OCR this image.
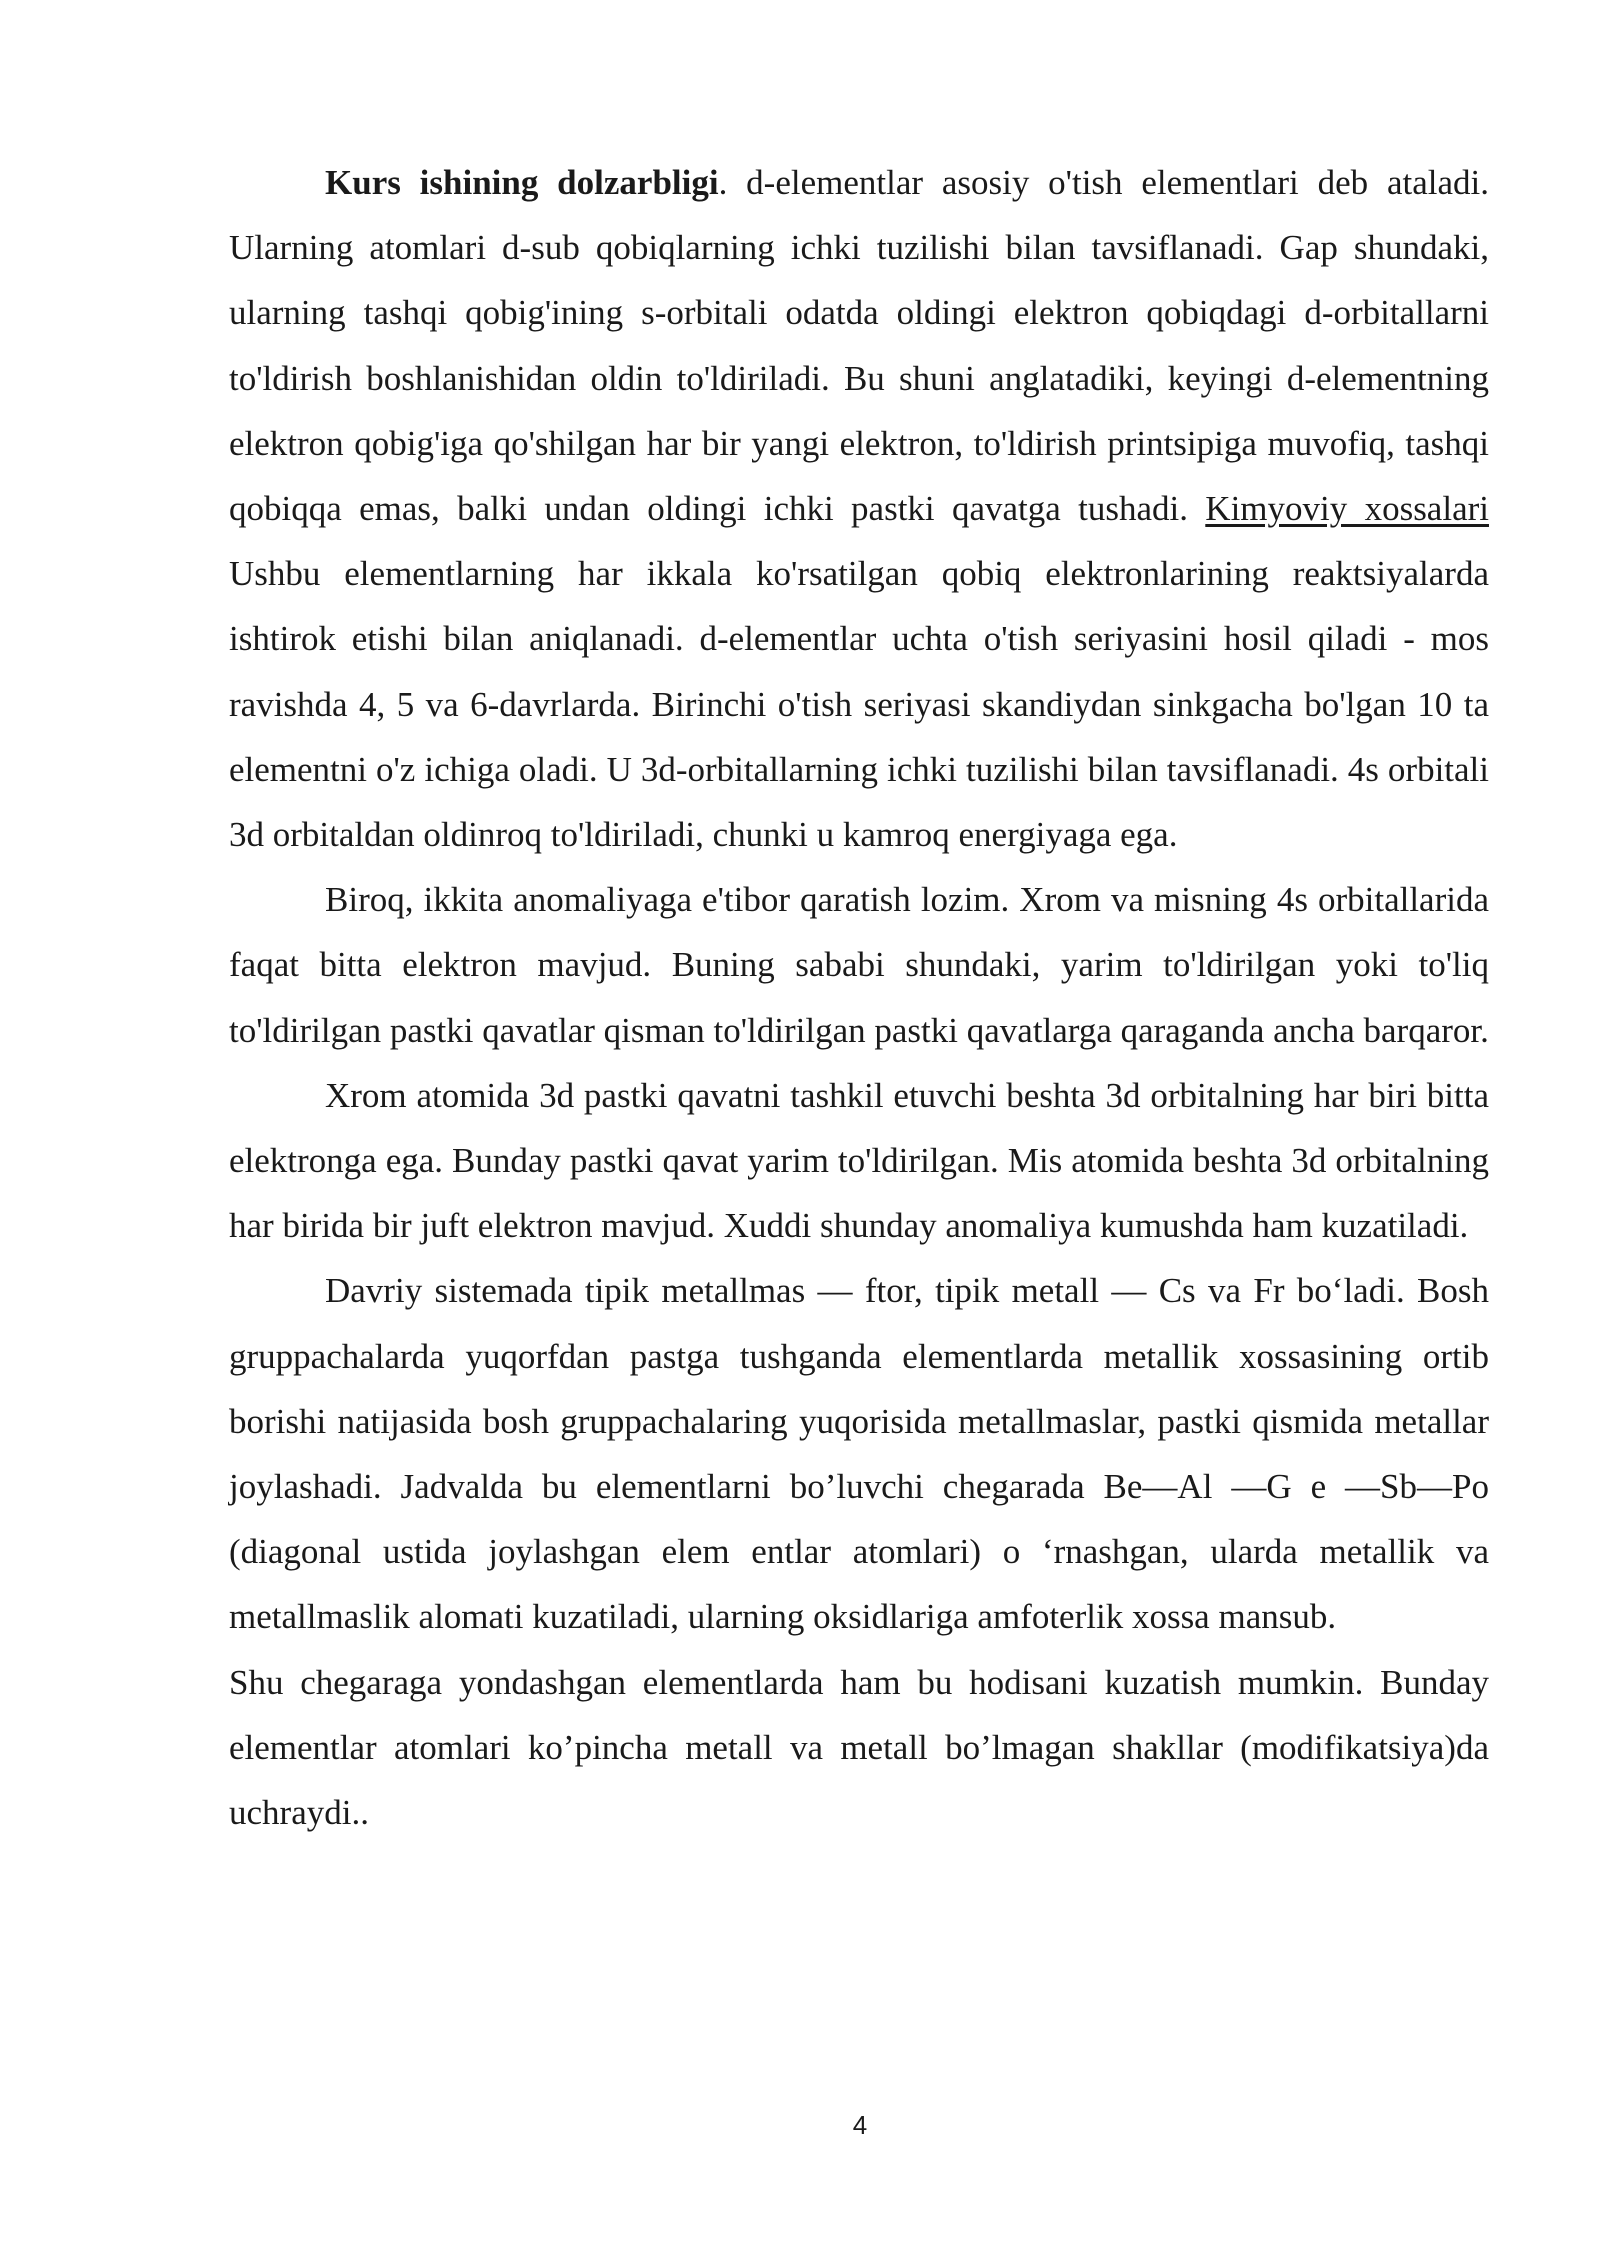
Kurs ishining dolzarbligi. d-elementlar asosiy o'tish elementlari deb ataladi. Ularning atomlari d-sub qobiqlarning ichki tuzilishi bilan tavsiflanadi. Gap shundaki, ularning tashqi qobig'ining s-orbitali odatda oldingi elektron qobiqdagi d-orbitallarni to'ldirish boshlanishidan oldin to'ldiriladi. Bu shuni anglatadiki, keyingi d-elementning elektron qobig'iga qo'shilgan har bir yangi elektron, to'ldirish printsipiga muvofiq, tashqi qobiqqa emas, balki undan oldingi ichki pastki qavatga tushadi. Kimyoviy xossalari Ushbu elementlarning har ikkala ko'rsatilgan qobiq elektronlarining reaktsiyalarda ishtirok etishi bilan aniqlanadi. d-elementlar uchta o'tish seriyasini hosil qiladi - mos ravishda 4, 5 va 6-davrlarda. Birinchi o'tish seriyasi skandiydan sinkgacha bo'lgan 10 ta elementni o'z ichiga oladi. U 3d-orbitallarning ichki tuzilishi bilan tavsiflanadi. 4s orbitali 3d orbitaldan oldinroq to'ldiriladi, chunki u kamroq energiyaga ega.

Biroq, ikkita anomaliyaga e'tibor qaratish lozim. Xrom va misning 4s orbitallarida faqat bitta elektron mavjud. Buning sababi shundaki, yarim to'ldirilgan yoki to'liq to'ldirilgan pastki qavatlar qisman to'ldirilgan pastki qavatlarga qaraganda ancha barqaror.

Xrom atomida 3d pastki qavatni tashkil etuvchi beshta 3d orbitalning har biri bitta elektronga ega. Bunday pastki qavat yarim to'ldirilgan. Mis atomida beshta 3d orbitalning har birida bir juft elektron mavjud. Xuddi shunday anomaliya kumushda ham kuzatiladi.

Davriy sistemada tipik metallmas — ftor, tipik metall — Cs va Fr bo‘ladi. Bosh gruppachalarda yuqorfdan pastga tushganda elementlarda metallik xossasining ortib borishi natijasida bosh gruppachalaring yuqorisida metallmaslar, pastki qismida metallar joylashadi. Jadvalda bu elementlarni bo’luvchi chegarada Be—Al —G e —Sb—Po (diagonal ustida joylashgan elem entlar atomlari) o ‘rnashgan, ularda metallik va metallmaslik alomati kuzatiladi, ularning oksidlariga amfoterlik xossa mansub.

Shu chegaraga yondashgan elementlarda ham bu hodisani kuzatish mumkin. Bunday elementlar atomlari ko’pincha metall va metall bo’lmagan shakllar (modifikatsiya)da uchraydi..

4
